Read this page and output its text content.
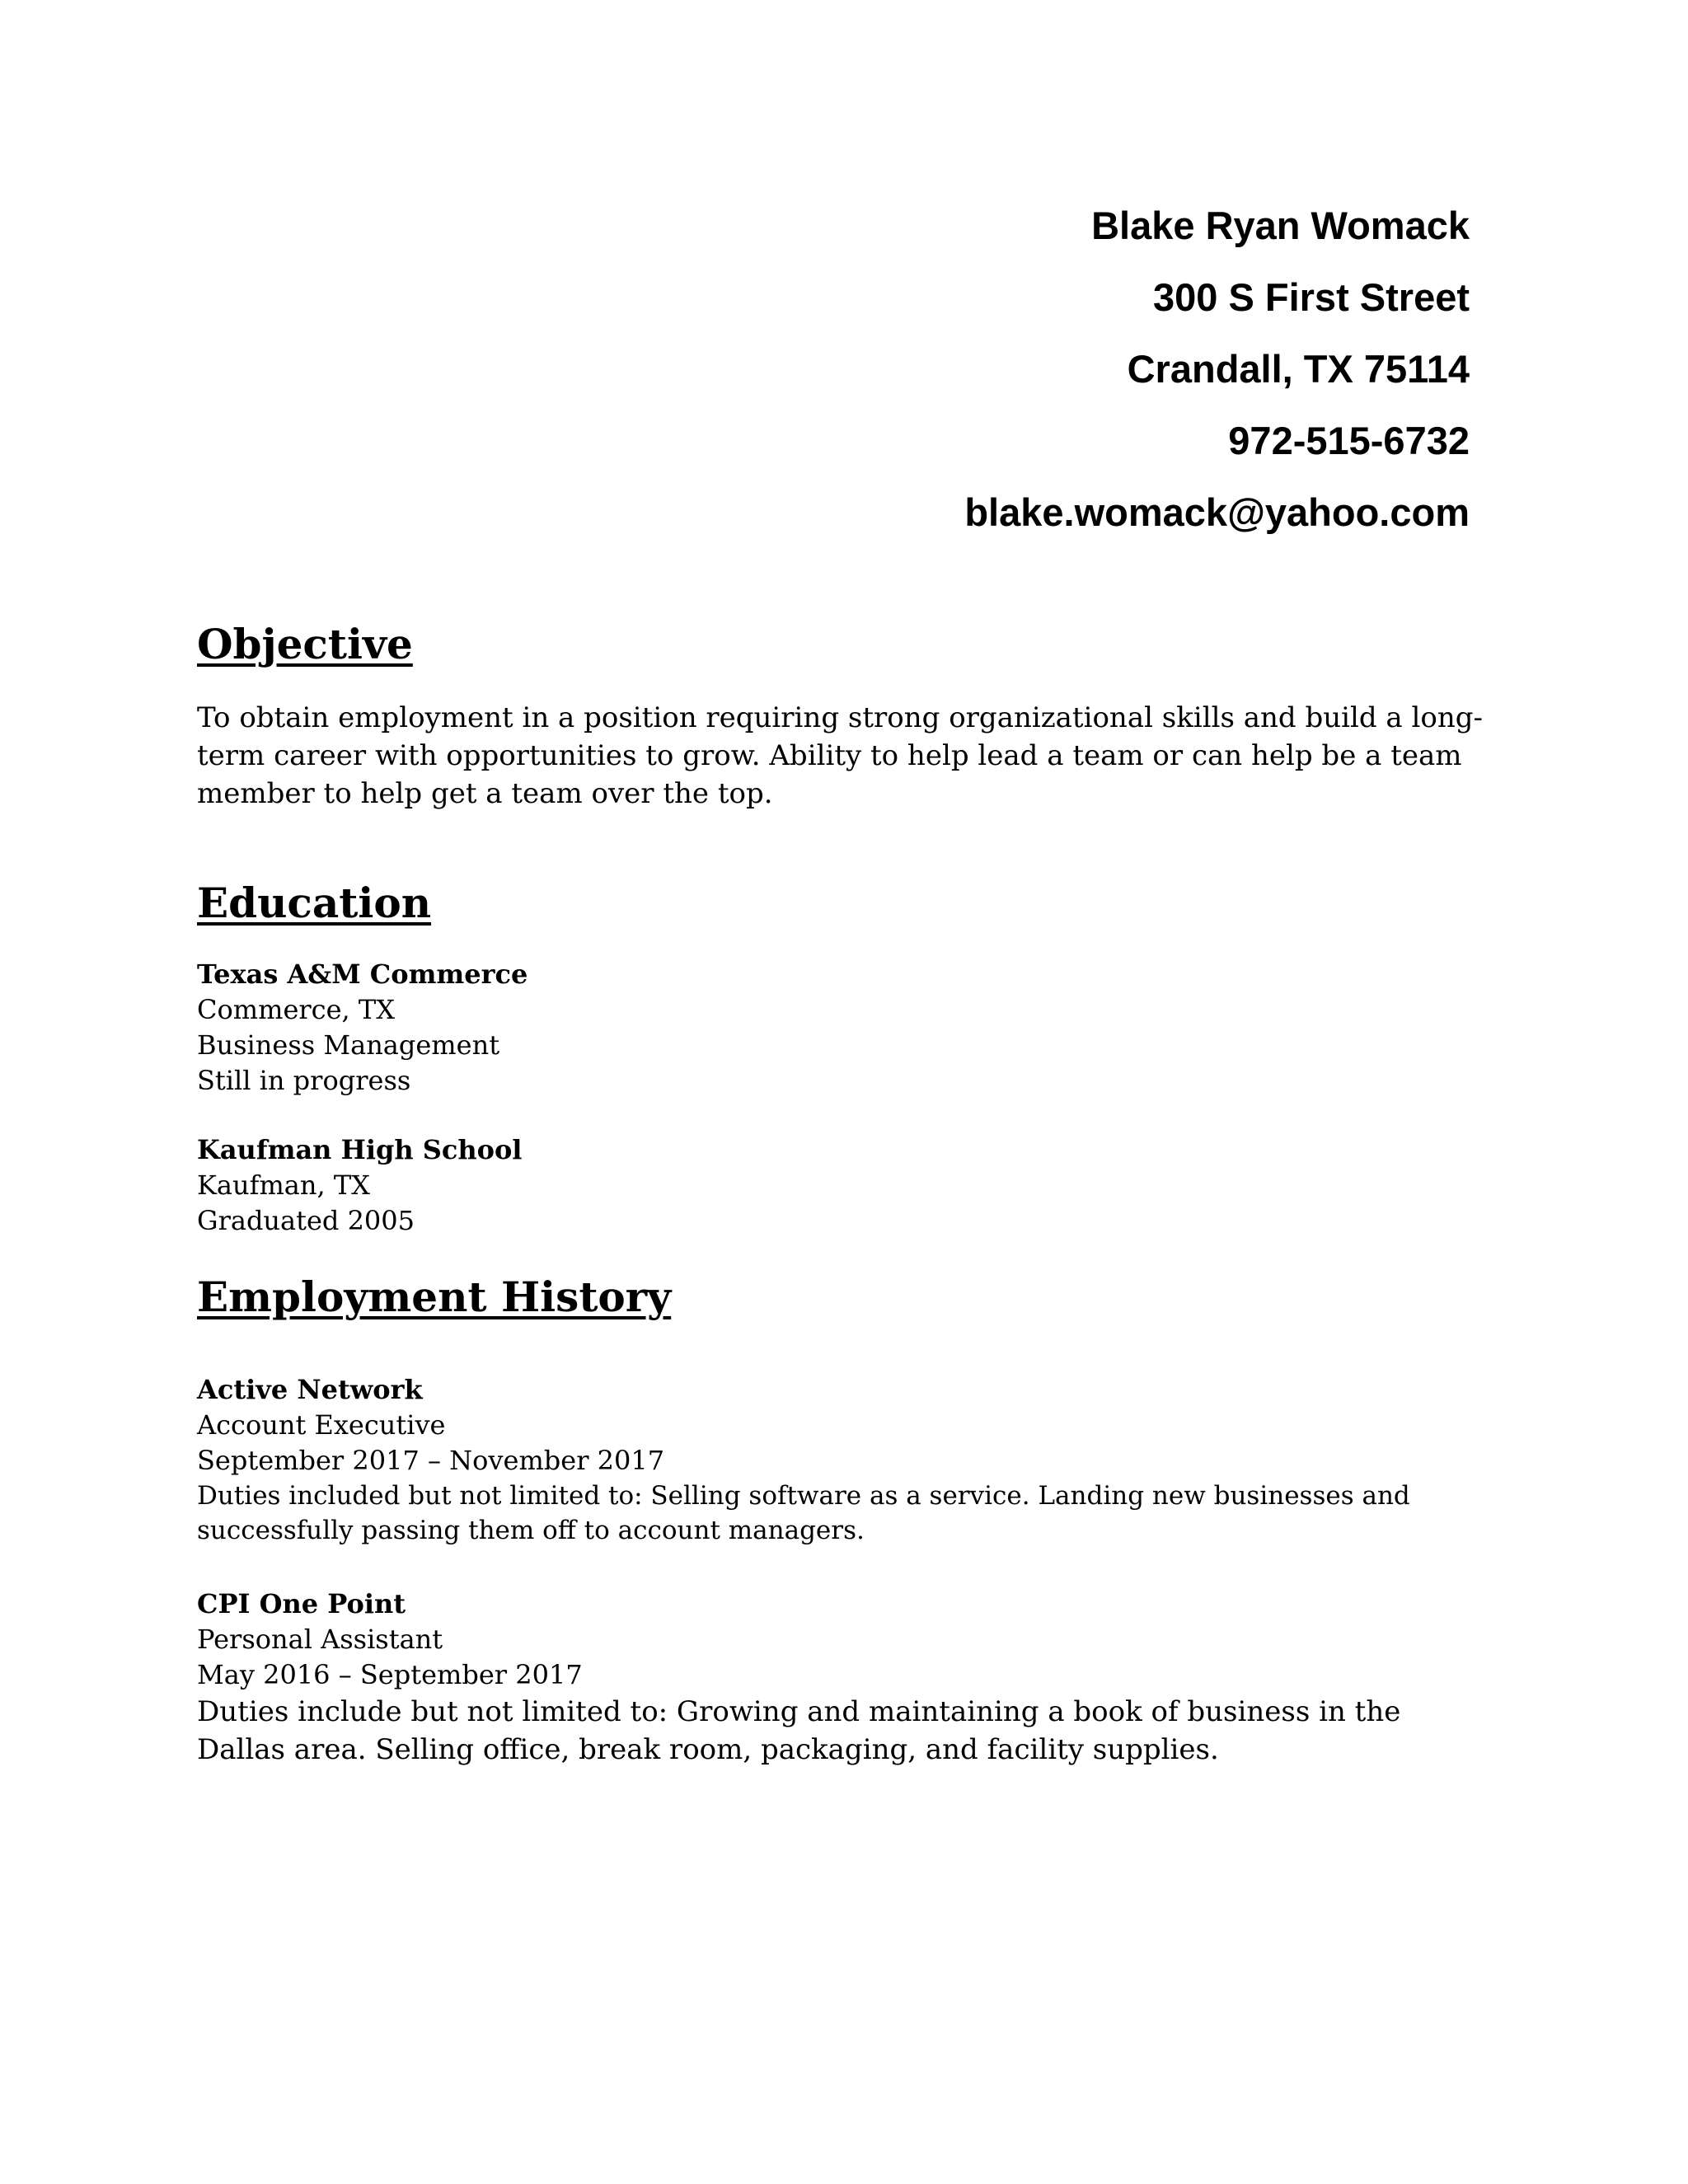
Blake Ryan Womack
300 S First Street
Crandall, TX 75114
972-515-6732
blake.womack@yahoo.com
Objective
To obtain employment in a position requiring strong organizational skills and build a long-term career with opportunities to grow. Ability to help lead a team or can help be a team member to help get a team over the top.
Education
Texas A&M Commerce
Commerce, TX
Business Management
Still in progress
Kaufman High School
Kaufman, TX
Graduated 2005
Employment History
Active Network
Account Executive
September 2017 – November 2017
Duties included but not limited to: Selling software as a service. Landing new businesses and successfully passing them off to account managers.
CPI One Point
Personal Assistant
May 2016 – September 2017
Duties include but not limited to: Growing and maintaining a book of business in the Dallas area. Selling office, break room, packaging, and facility supplies.
